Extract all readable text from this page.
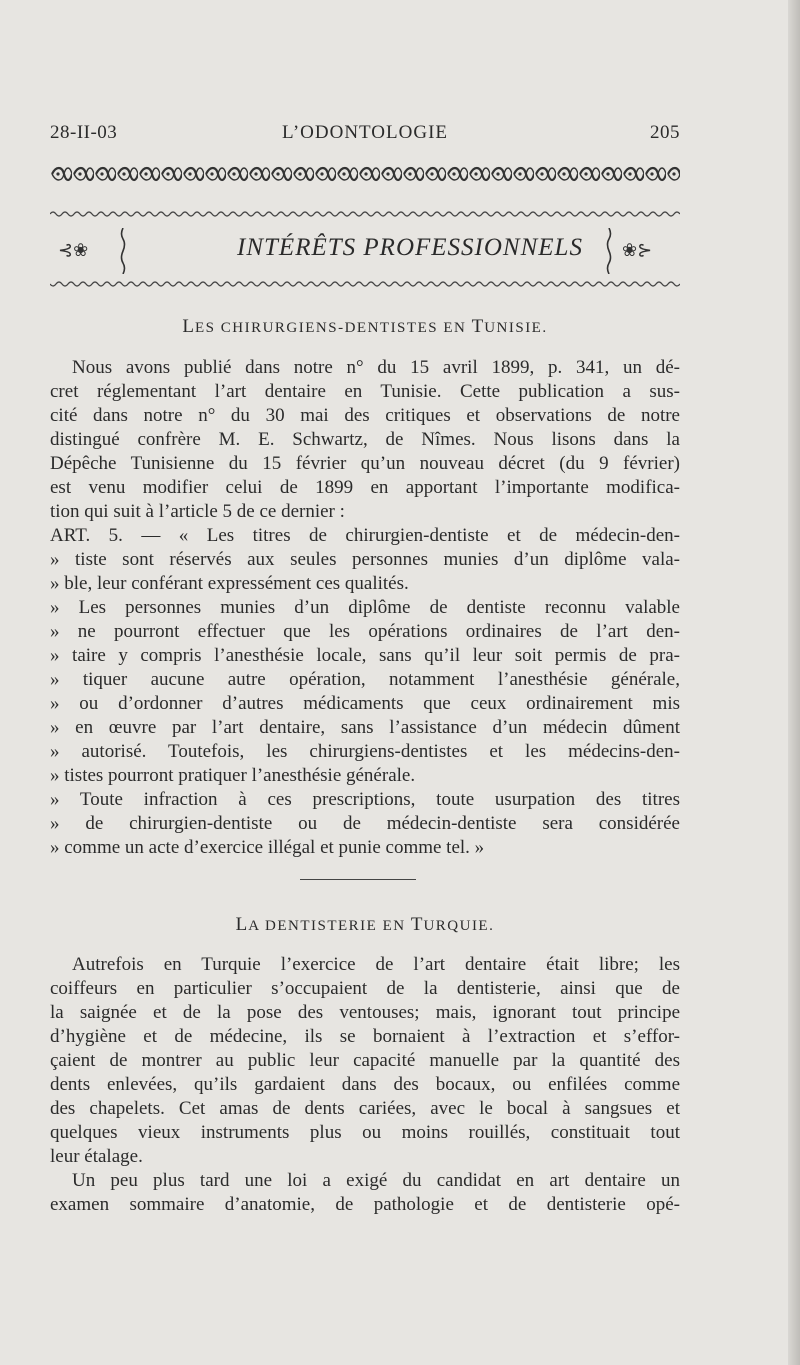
28-II-03	L’ODONTOLOGIE	205
⊰❀	INTÉRÊTS PROFESSIONNELS	❀⊱
LES CHIRURGIENS-DENTISTES EN TUNISIE.
Nous avons publié dans notre n° du 15 avril 1899, p. 341, un dé-
cret réglementant l’art dentaire en Tunisie. Cette publication a sus-
cité dans notre n° du 30 mai des critiques et observations de notre
distingué confrère M. E. Schwartz, de Nîmes. Nous lisons dans la
Dépêche Tunisienne du 15 février qu’un nouveau décret (du 9 février)
est venu modifier celui de 1899 en apportant l’importante modifica-
tion qui suit à l’article 5 de ce dernier :
ART. 5. — « Les titres de chirurgien-dentiste et de médecin-den-
» tiste sont réservés aux seules personnes munies d’un diplôme vala-
» ble, leur conférant expressément ces qualités.
» Les personnes munies d’un diplôme de dentiste reconnu valable
» ne pourront effectuer que les opérations ordinaires de l’art den-
» taire y compris l’anesthésie locale, sans qu’il leur soit permis de pra-
» tiquer aucune autre opération, notamment l’anesthésie générale,
» ou d’ordonner d’autres médicaments que ceux ordinairement mis
» en œuvre par l’art dentaire, sans l’assistance d’un médecin dûment
» autorisé. Toutefois, les chirurgiens-dentistes et les médecins-den-
» tistes pourront pratiquer l’anesthésie générale.
» Toute infraction à ces prescriptions, toute usurpation des titres
» de chirurgien-dentiste ou de médecin-dentiste sera considérée
» comme un acte d’exercice illégal et punie comme tel. »
LA DENTISTERIE EN TURQUIE.
Autrefois en Turquie l’exercice de l’art dentaire était libre; les
coiffeurs en particulier s’occupaient de la dentisterie, ainsi que de
la saignée et de la pose des ventouses; mais, ignorant tout principe
d’hygiène et de médecine, ils se bornaient à l’extraction et s’effor-
çaient de montrer au public leur capacité manuelle par la quantité des
dents enlevées, qu’ils gardaient dans des bocaux, ou enfilées comme
des chapelets. Cet amas de dents cariées, avec le bocal à sangsues et
quelques vieux instruments plus ou moins rouillés, constituait tout
leur étalage.
Un peu plus tard une loi a exigé du candidat en art dentaire un
examen sommaire d’anatomie, de pathologie et de dentisterie opé-
